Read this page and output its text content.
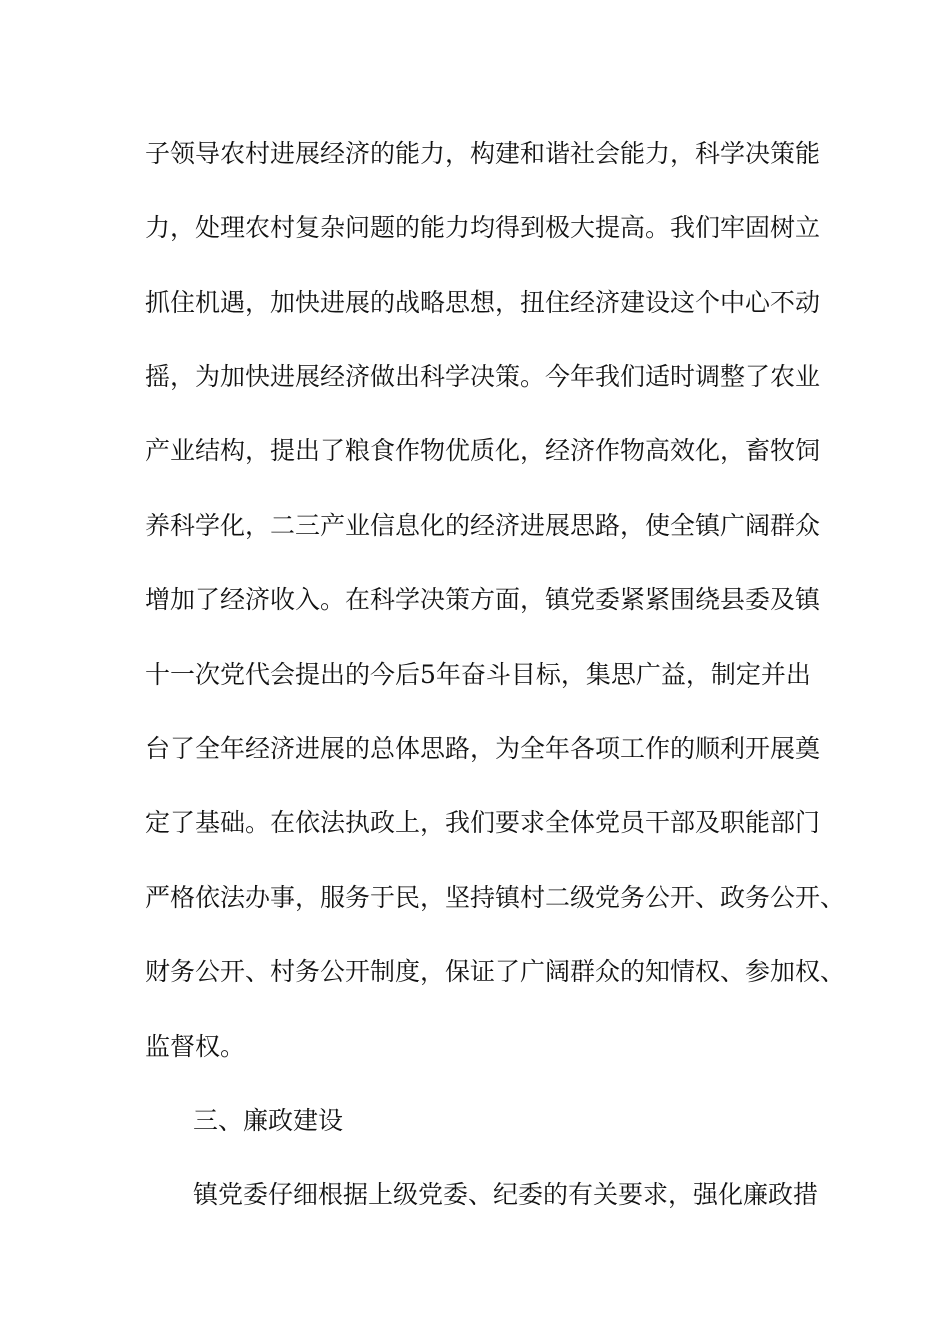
子领导农村进展经济的能力，构建和谐社会能力，科学决策能
力，处理农村复杂问题的能力均得到极大提高。我们牢固树立
抓住机遇，加快进展的战略思想，扭住经济建设这个中心不动
摇，为加快进展经济做出科学决策。今年我们适时调整了农业
产业结构，提出了粮食作物优质化，经济作物高效化，畜牧饲
养科学化，二三产业信息化的经济进展思路，使全镇广阔群众
增加了经济收入。在科学决策方面，镇党委紧紧围绕县委及镇
十一次党代会提出的今后5年奋斗目标，集思广益，制定并出
台了全年经济进展的总体思路，为全年各项工作的顺利开展奠
定了基础。在依法执政上，我们要求全体党员干部及职能部门
严格依法办事，服务于民，坚持镇村二级党务公开、政务公开、
财务公开、村务公开制度，保证了广阔群众的知情权、参加权、
监督权。
三、廉政建设
镇党委仔细根据上级党委、纪委的有关要求，强化廉政措
